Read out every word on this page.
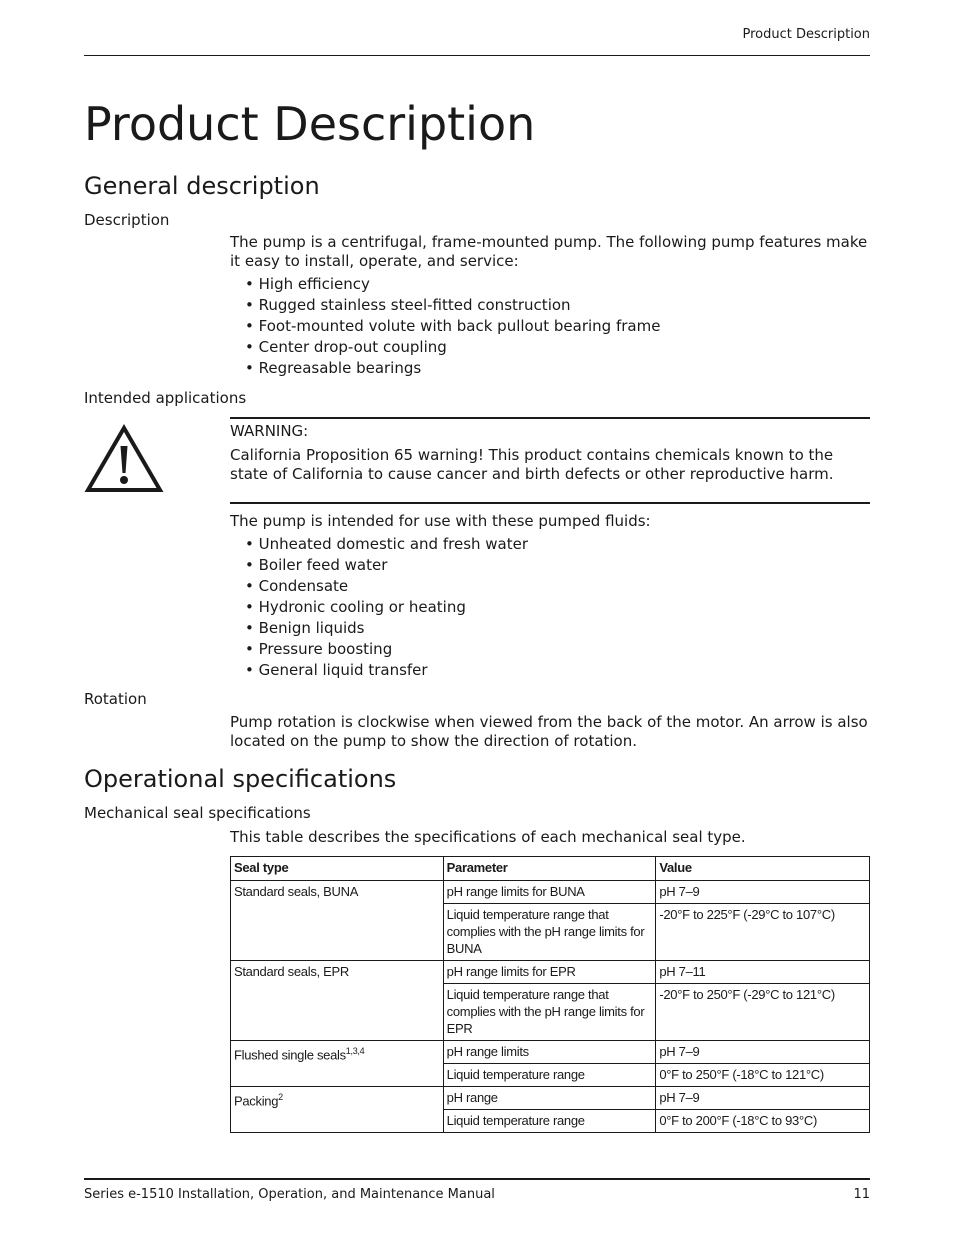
Product Description
Product Description
General description
Description
The pump is a centrifugal, frame-mounted pump. The following pump features make it easy to install, operate, and service:
• High efficiency
• Rugged stainless steel-fitted construction
• Foot-mounted volute with back pullout bearing frame
• Center drop-out coupling
• Regreasable bearings
Intended applications
WARNING:
California Proposition 65 warning! This product contains chemicals known to the state of California to cause cancer and birth defects or other reproductive harm.
The pump is intended for use with these pumped fluids:
• Unheated domestic and fresh water
• Boiler feed water
• Condensate
• Hydronic cooling or heating
• Benign liquids
• Pressure boosting
• General liquid transfer
Rotation
Pump rotation is clockwise when viewed from the back of the motor. An arrow is also located on the pump to show the direction of rotation.
Operational specifications
Mechanical seal specifications
This table describes the specifications of each mechanical seal type.
Seal type	Parameter	Value
Standard seals, BUNA	pH range limits for BUNA	pH 7–9
	Liquid temperature range that complies with the pH range limits for BUNA	-20°F to 225°F (-29°C to 107°C)
Standard seals, EPR	pH range limits for EPR	pH 7–11
	Liquid temperature range that complies with the pH range limits for EPR	-20°F to 250°F (-29°C to 121°C)
Flushed single seals$^{1,3,4}$	pH range limits	pH 7–9
	Liquid temperature range	0°F to 250°F (-18°C to 121°C)
Packing$^2$	pH range	pH 7–9
	Liquid temperature range	0°F to 200°F (-18°C to 93°C)
Series e-1510 Installation, Operation, and Maintenance Manual	11
